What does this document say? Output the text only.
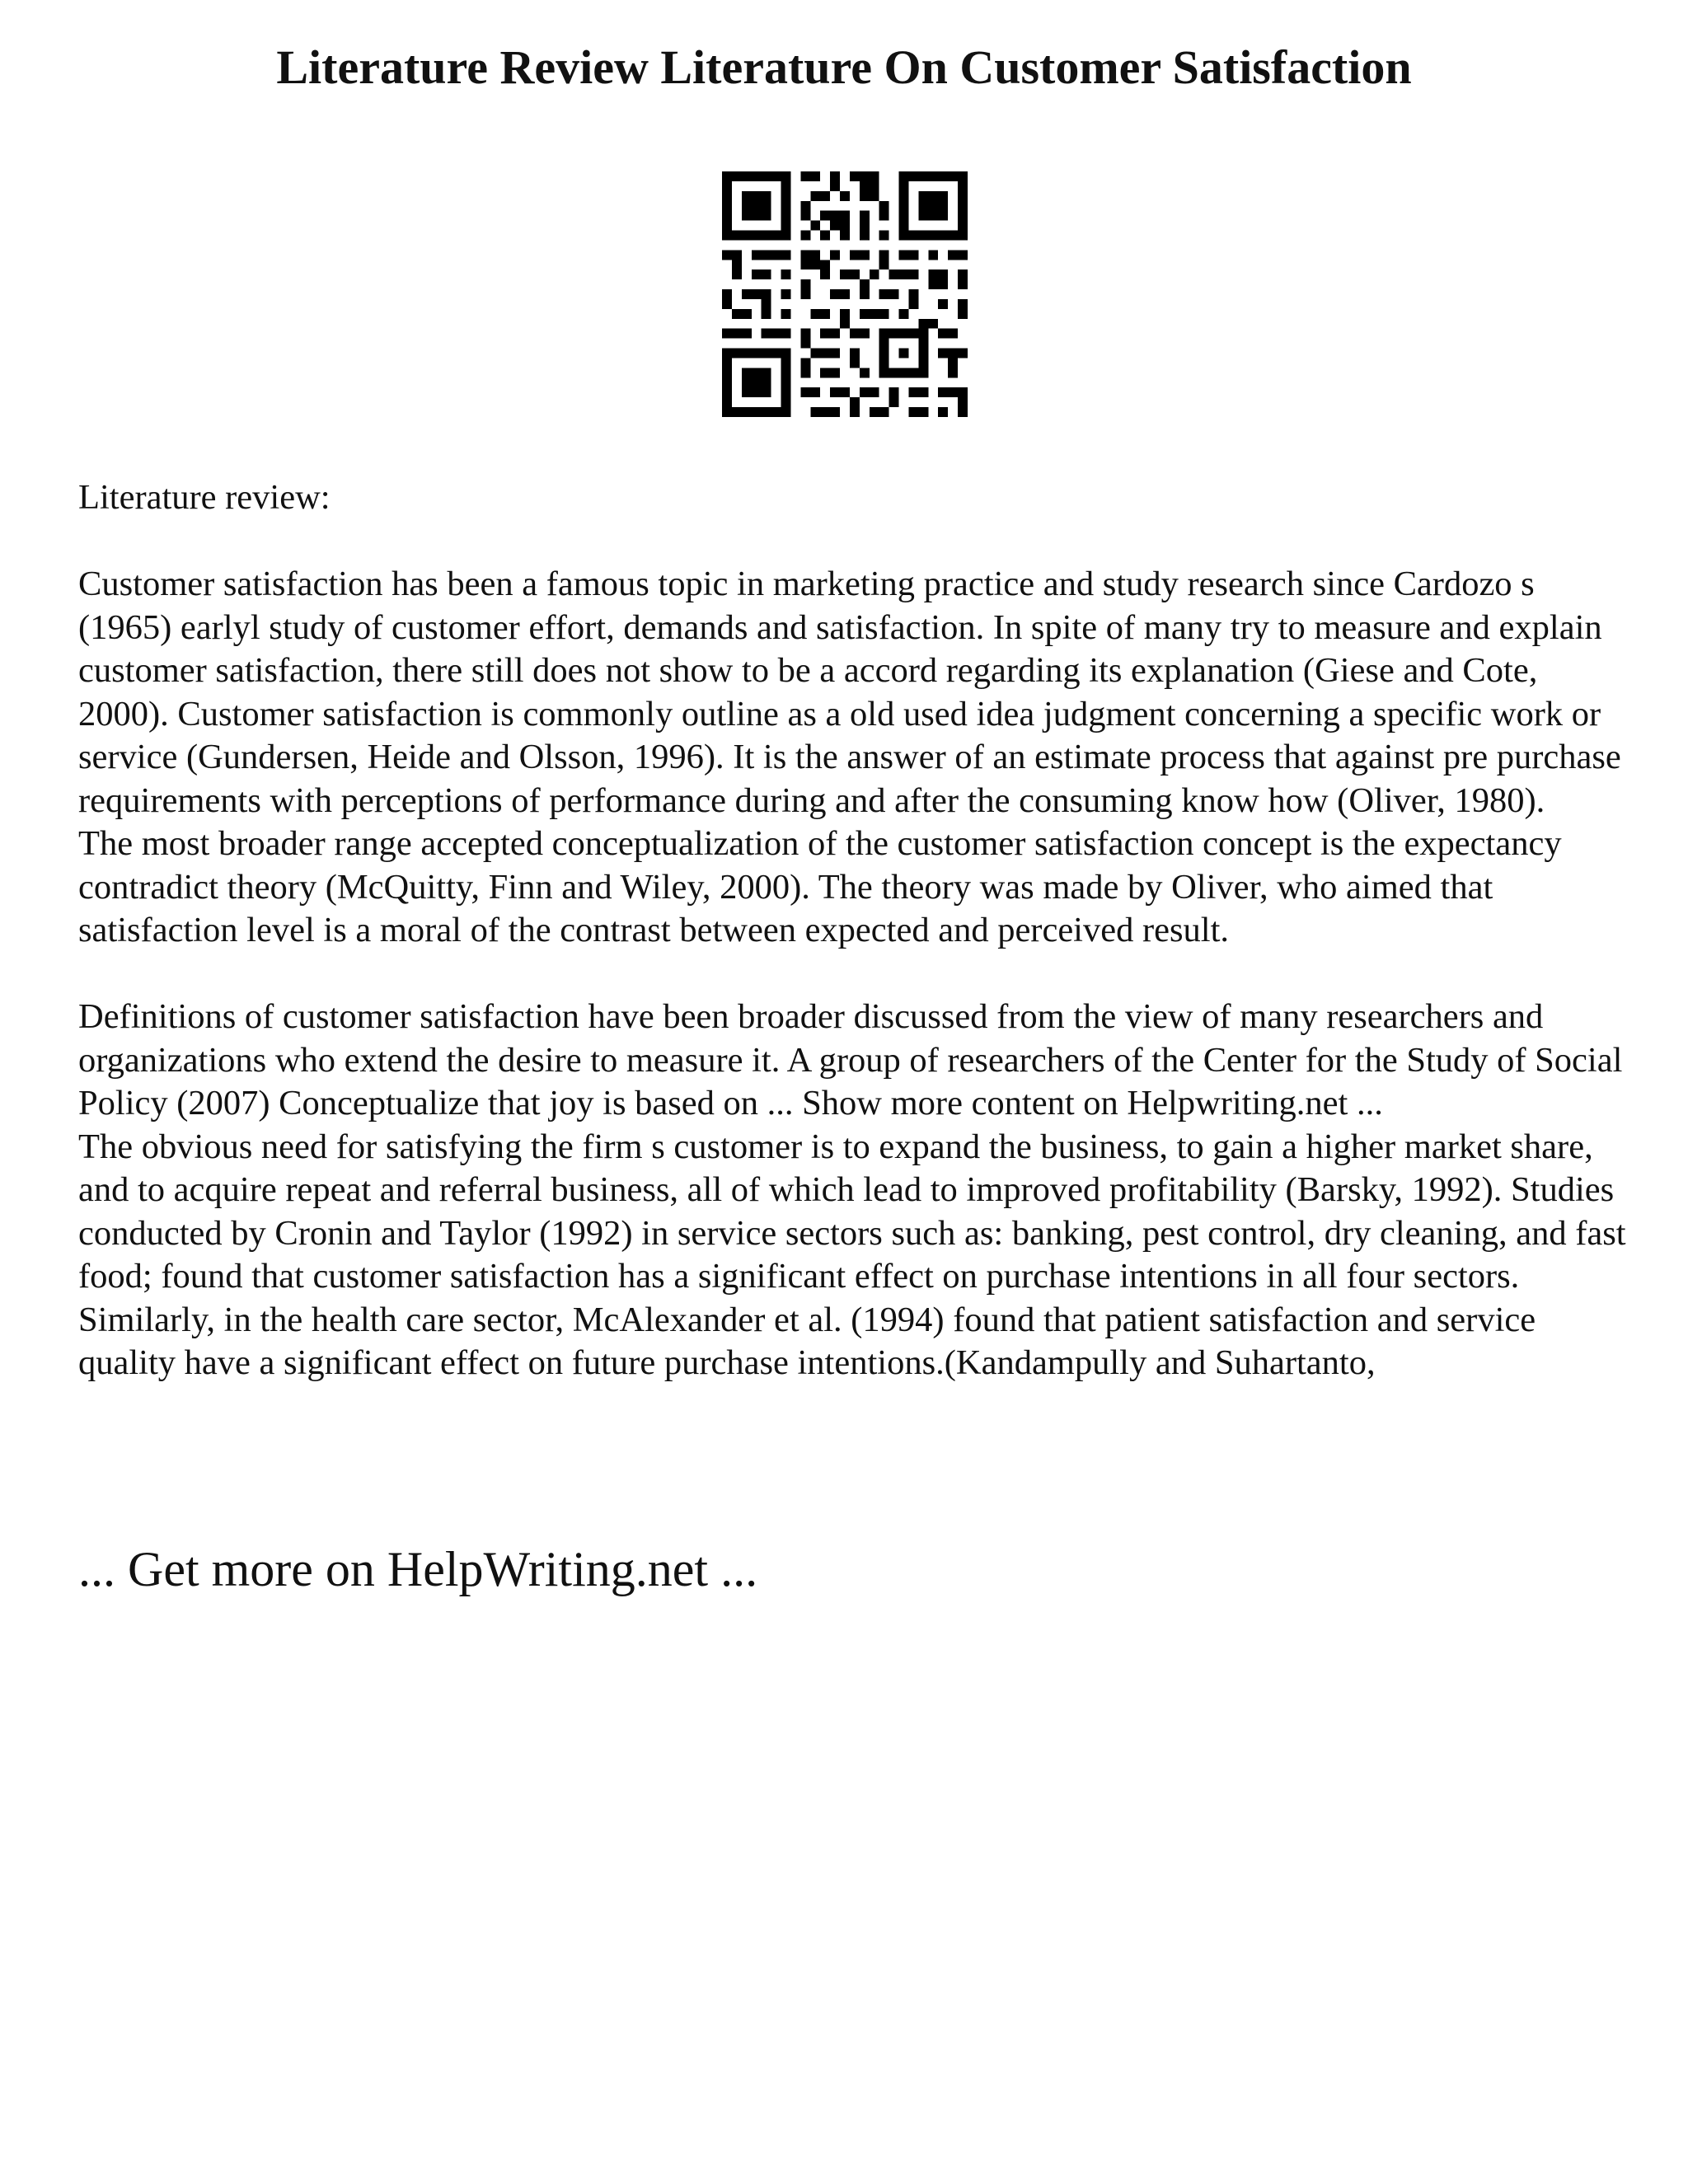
Literature Review Literature On Customer Satisfaction

Literature review:

Customer satisfaction has been a famous topic in marketing practice and study research since Cardozo s (1965) earlyl study of customer effort, demands and satisfaction. In spite of many try to measure and explain customer satisfaction, there still does not show to be a accord regarding its explanation (Giese and Cote, 2000). Customer satisfaction is commonly outline as a old used idea judgment concerning a specific work or service (Gundersen, Heide and Olsson, 1996). It is the answer of an estimate process that against pre purchase requirements with perceptions of performance during and after the consuming know how (Oliver, 1980).

The most broader range accepted conceptualization of the customer satisfaction concept is the expectancy contradict theory (McQuitty, Finn and Wiley, 2000). The theory was made by Oliver, who aimed that satisfaction level is a moral of the contrast between expected and perceived result.

Definitions of customer satisfaction have been broader discussed from the view of many researchers and organizations who extend the desire to measure it. A group of researchers of the Center for the Study of Social Policy (2007) Conceptualize that joy is based on ... Show more content on Helpwriting.net ...

The obvious need for satisfying the firm s customer is to expand the business, to gain a higher market share, and to acquire repeat and referral business, all of which lead to improved profitability (Barsky, 1992). Studies conducted by Cronin and Taylor (1992) in service sectors such as: banking, pest control, dry cleaning, and fast food; found that customer satisfaction has a significant effect on purchase intentions in all four sectors. Similarly, in the health care sector, McAlexander et al. (1994) found that patient satisfaction and service quality have a significant effect on future purchase intentions.(Kandampully and Suhartanto,

... Get more on HelpWriting.net ...
